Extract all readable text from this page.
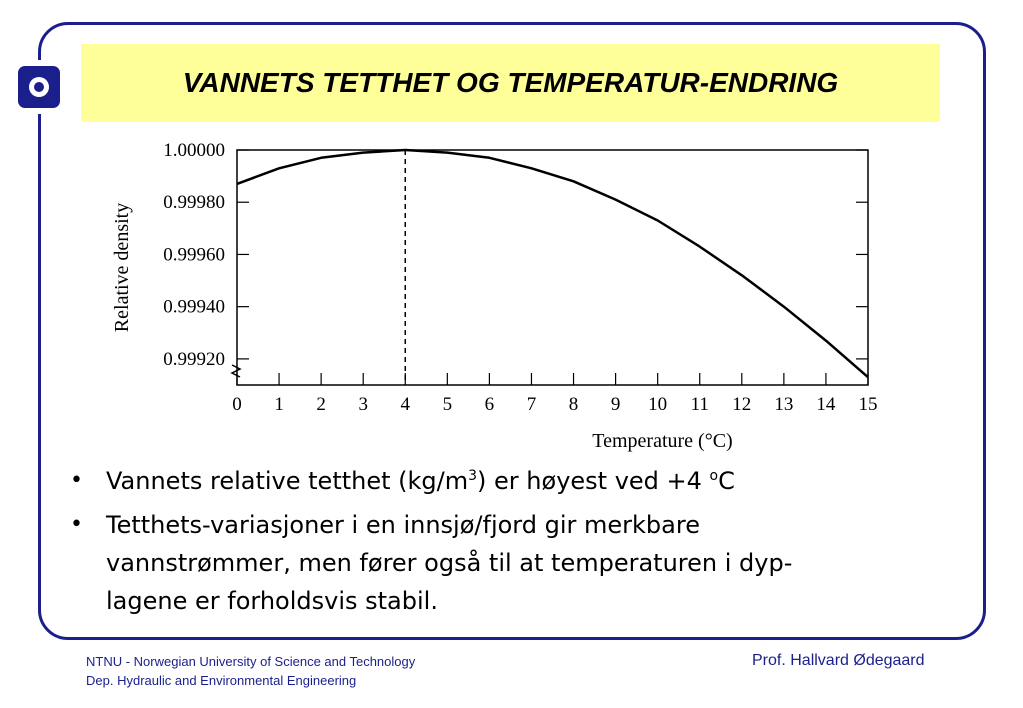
VANNETS TETTHET OG TEMPERATUR-ENDRING
1.00000
0.99980
0.99960
0.99940
0.99920
0 1 2 3 4 5 6 7 8 9 10 11 12 13 14 15
Temperature (°C)
Relative density
• Vannets relative tetthet $(kg/m^3)$ er høyest ved +4 $^o$C
• Tetthets-variasjoner i en innsjø/fjord gir merkbare
vannstrømmer, men fører også til at temperaturen i dyp-
lagene er forholdsvis stabil.
NTNU - Norwegian University of Science and Technology
Dep. Hydraulic and Environmental Engineering
Prof. Hallvard Ødegaard
